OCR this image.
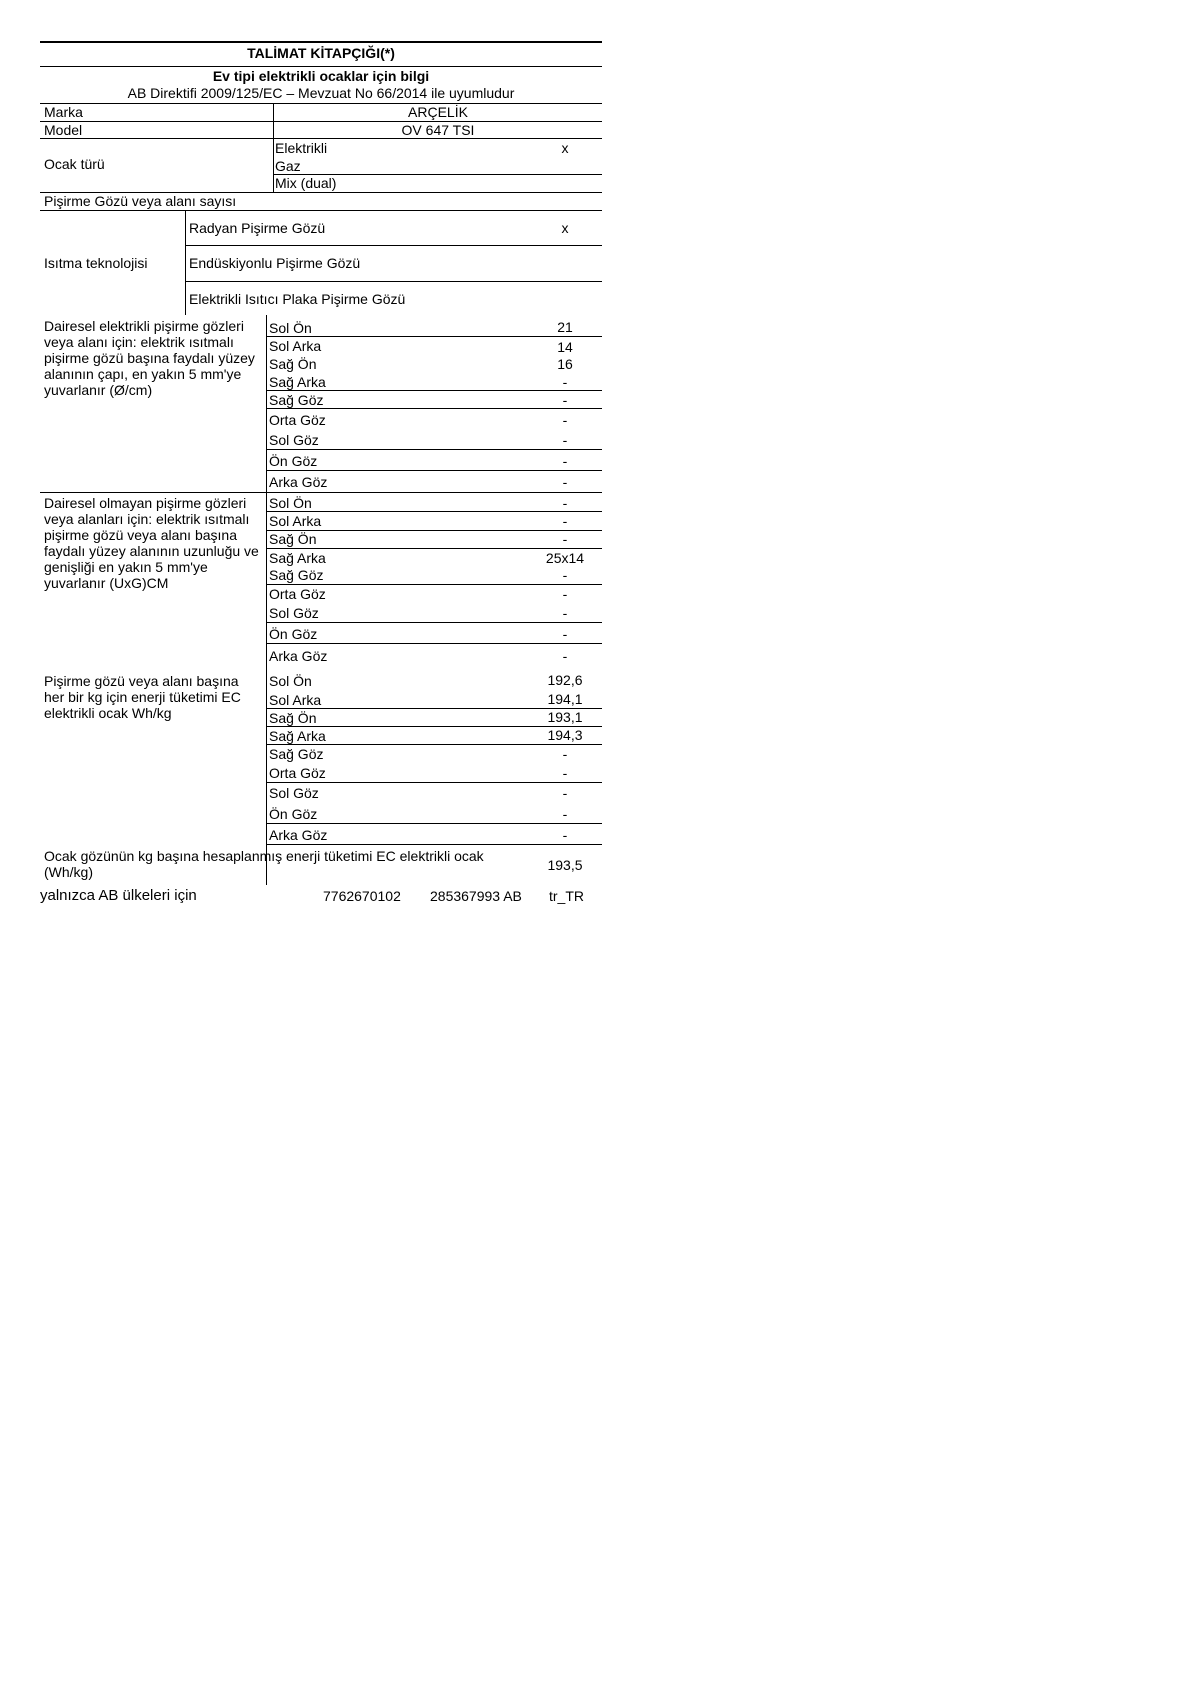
TALİMAT KİTAPÇIĞI(*)
Ev tipi elektrikli ocaklar için bilgi
AB Direktifi 2009/125/EC – Mevzuat No 66/2014 ile uyumludur
Marka	ARÇELİK
Model	OV 647 TSI
Ocak türü
Elektrikli	x
Gaz
Mix (dual)
Pişirme Gözü veya alanı sayısı
Isıtma teknolojisi
Radyan Pişirme Gözü	x
Endüskiyonlu Pişirme Gözü
Elektrikli Isıtıcı Plaka Pişirme Gözü
Dairesel elektrikli pişirme gözleri veya alanı için: elektrik ısıtmalı pişirme gözü başına faydalı yüzey alanının çapı, en yakın 5 mm'ye yuvarlanır (Ø/cm)
Sol Ön	21
Sol Arka	14
Sağ Ön	16
Sağ Arka	-
Sağ Göz	-
Orta Göz	-
Sol Göz	-
Ön Göz	-
Arka Göz	-
Dairesel olmayan pişirme gözleri veya alanları için: elektrik ısıtmalı pişirme gözü veya alanı başına faydalı yüzey alanının uzunluğu ve genişliği en yakın 5 mm'ye yuvarlanır (UxG)CM
Sol Ön	-
Sol Arka	-
Sağ Ön	-
Sağ Arka	25x14
Sağ Göz	-
Orta Göz	-
Sol Göz	-
Ön Göz	-
Arka Göz	-
Pişirme gözü veya alanı başına her bir kg için enerji tüketimi EC elektrikli ocak Wh/kg
Sol Ön	192,6
Sol Arka	194,1
Sağ Ön	193,1
Sağ Arka	194,3
Sağ Göz	-
Orta Göz	-
Sol Göz	-
Ön Göz	-
Arka Göz	-
Ocak gözünün kg başına hesaplanmış enerji tüketimi EC elektrikli ocak (Wh/kg)	193,5
yalnızca AB ülkeleri için	7762670102 285367993 AB tr_TR
